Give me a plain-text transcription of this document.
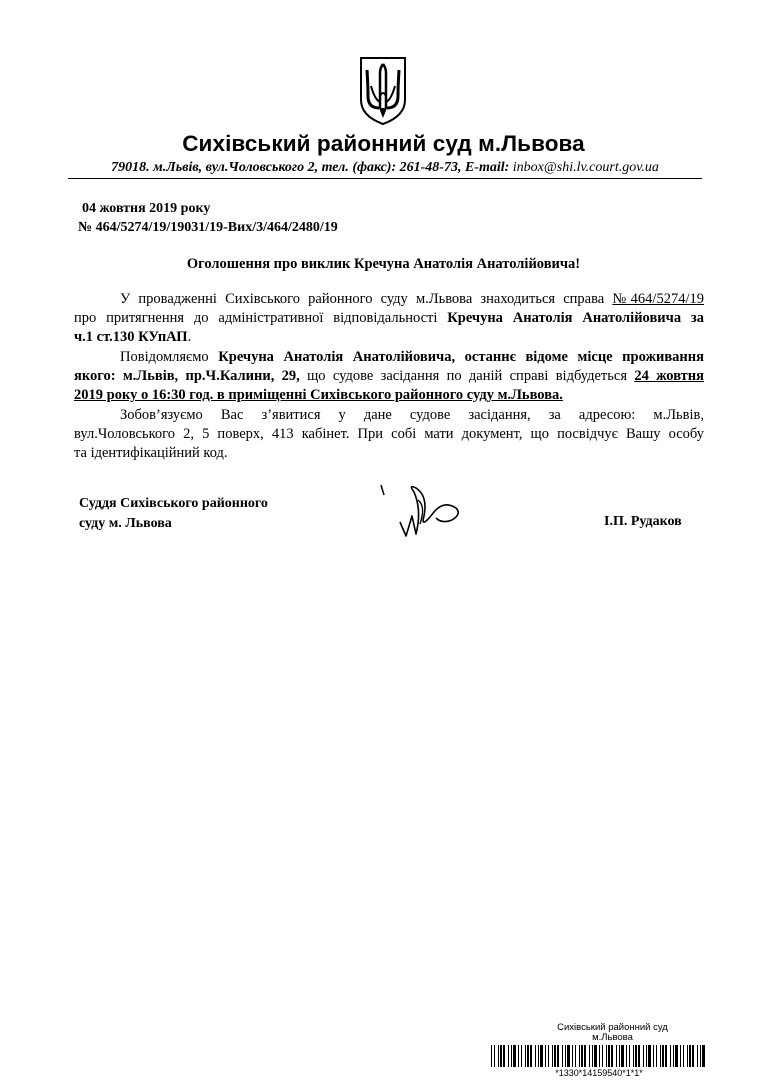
Сихівський районний суд м.Львова
79018. м.Львів, вул.Чоловського 2, тел. (факс): 261-48-73, E-mail: inbox@shi.lv.court.gov.ua
04 жовтня 2019 року
№ 464/5274/19/19031/19-Вих/3/464/2480/19
Оголошення про виклик Кречуна Анатолія Анатолійовича!
У провадженні Сихівського районного суду м.Львова знаходиться справа №464/5274/19
про притягнення до адміністративної відповідальності Кречуна Анатолія Анатолійовича за
ч.1 ст.130 КУпАП.
Повідомляємо Кречуна Анатолія Анатолійовича, останнє відоме місце проживання
якого: м.Львів, пр.Ч.Калини, 29, що судове засідання по даній справі відбудеться 24 жовтня
2019 року о 16:30 год. в приміщенні Сихівського районного суду м.Львова.
Зобов’язуємо Вас з’явитися у дане судове засідання, за адресою: м.Львів,
вул.Чоловського 2, 5 поверх, 413 кабінет. При собі мати документ, що посвідчує Вашу особу
та ідентифікаційний код.
Суддя Сихівського районного
суду м. Львова	І.П. Рудаков
Сихівський районний суд
м.Львова
*1330*14159540*1*1*
